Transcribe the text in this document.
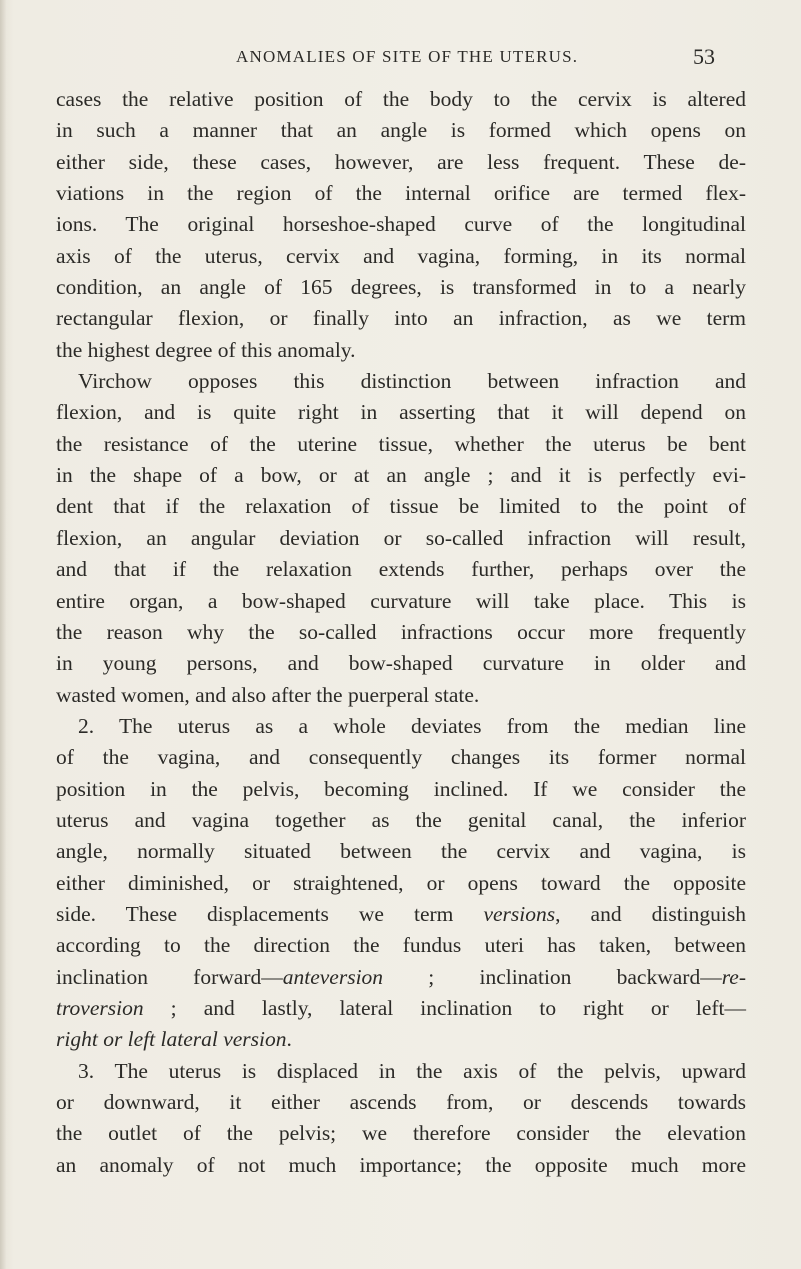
ANOMALIES OF SITE OF THE UTERUS.	53
cases the relative position of the body to the cervix is altered
in such a manner that an angle is formed which opens on
either side, these cases, however, are less frequent. These de-
viations in the region of the internal orifice are termed flex-
ions. The original horseshoe-shaped curve of the longitudinal
axis of the uterus, cervix and vagina, forming, in its normal
condition, an angle of 165 degrees, is transformed in to a nearly
rectangular flexion, or finally into an infraction, as we term
the highest degree of this anomaly.
Virchow opposes this distinction between infraction and
flexion, and is quite right in asserting that it will depend on
the resistance of the uterine tissue, whether the uterus be bent
in the shape of a bow, or at an angle ; and it is perfectly evi-
dent that if the relaxation of tissue be limited to the point of
flexion, an angular deviation or so-called infraction will result,
and that if the relaxation extends further, perhaps over the
entire organ, a bow-shaped curvature will take place. This is
the reason why the so-called infractions occur more frequently
in young persons, and bow-shaped curvature in older and
wasted women, and also after the puerperal state.
2. The uterus as a whole deviates from the median line
of the vagina, and consequently changes its former normal
position in the pelvis, becoming inclined. If we consider the
uterus and vagina together as the genital canal, the inferior
angle, normally situated between the cervix and vagina, is
either diminished, or straightened, or opens toward the opposite
side. These displacements we term versions, and distinguish
according to the direction the fundus uteri has taken, between
inclination forward—anteversion ; inclination backward—re-
troversion ; and lastly, lateral inclination to right or left—
right or left lateral version.
3. The uterus is displaced in the axis of the pelvis, upward
or downward, it either ascends from, or descends towards
the outlet of the pelvis; we therefore consider the elevation
an anomaly of not much importance; the opposite much more
